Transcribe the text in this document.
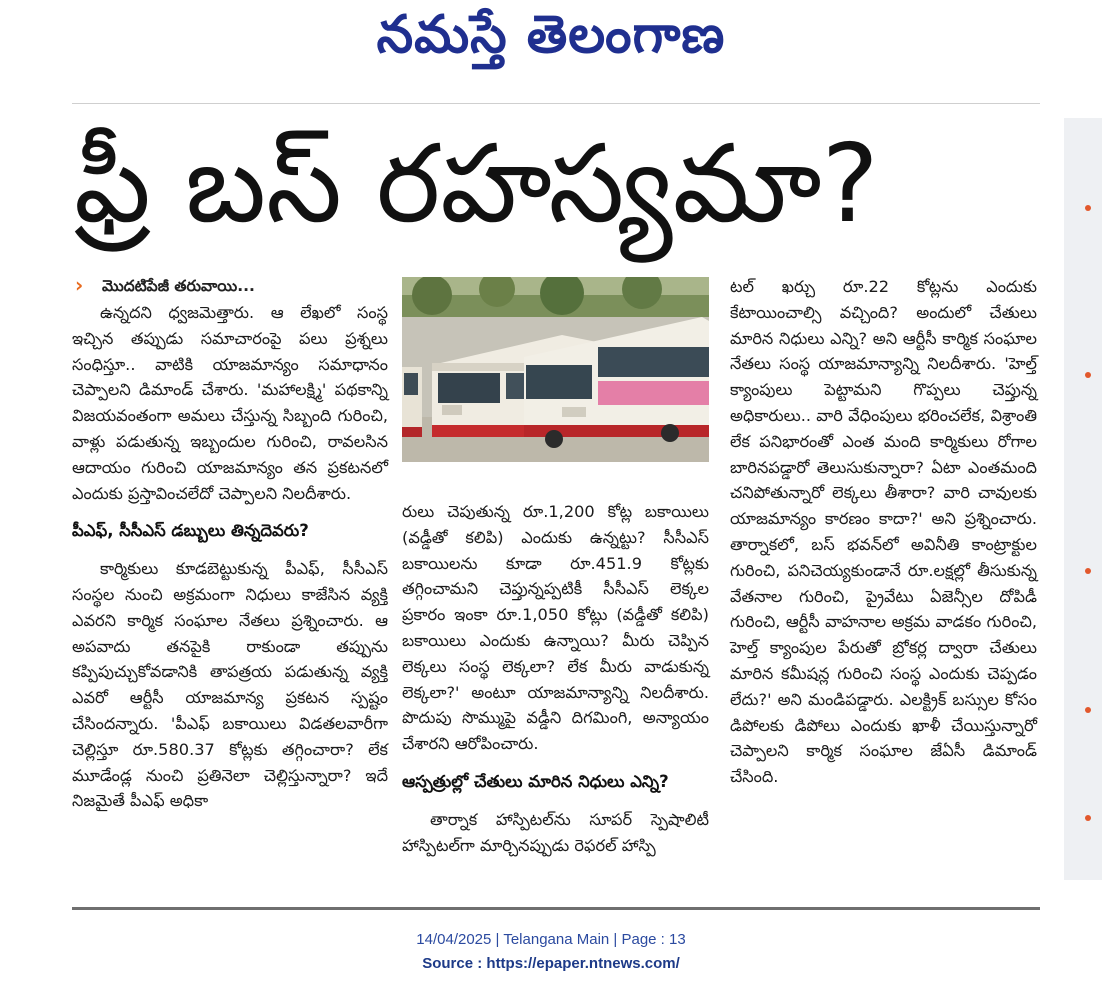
నమస్తే తెలంగాణ
ఫ్రీ బస్ రహస్యమా?
› మొదటిపేజీ తరువాయి...

ఉన్నదని ధ్వజమెత్తారు. ఆ లేఖలో సంస్థ ఇచ్చిన తప్పుడు సమాచారంపై పలు ప్రశ్నలు సంధిస్తూ.. వాటికి యాజమాన్యం సమాధానం చెప్పాలని డిమాండ్ చేశారు. 'మహాలక్ష్మి' పథకాన్ని విజయవంతంగా అమలు చేస్తున్న సిబ్బంది గురించి, వాళ్లు పడుతున్న ఇబ్బందుల గురించి, రావలసిన ఆదాయం గురించి యాజమాన్యం తన ప్రకటనలో ఎందుకు ప్రస్తావించలేదో చెప్పాలని నిలదీశారు.

పీఎఫ్, సీసీఎస్ డబ్బులు తిన్నదెవరు?

కార్మికులు కూడబెట్టుకున్న పీఎఫ్, సీసీఎస్ సంస్థల నుంచి అక్రమంగా నిధులు కాజేసిన వ్యక్తి ఎవరని కార్మిక సంఘాల నేతలు ప్రశ్నించారు. ఆ అపవాదు తనపైకి రాకుండా తప్పును కప్పిపుచ్చుకోవడానికి తాపత్రయ పడుతున్న వ్యక్తి ఎవరో ఆర్టీసీ యాజమాన్య ప్రకటన స్పష్టం చేసిందన్నారు. 'పీఎఫ్ బకాయిలు విడతలవారీగా చెల్లిస్తూ రూ.580.37 కోట్లకు తగ్గించారా? లేక మూడేండ్ల నుంచి ప్రతినెలా చెల్లిస్తున్నారా? ఇదే నిజమైతే పీఎఫ్ అధికా

రులు చెపుతున్న రూ.1,200 కోట్ల బకాయిలు (వడ్డీతో కలిపి) ఎందుకు ఉన్నట్టు? సీసీఎస్ బకాయిలను కూడా రూ.451.9 కోట్లకు తగ్గించామని చెప్తున్నప్పటికీ సీసీఎస్ లెక్కల ప్రకారం ఇంకా రూ.1,050 కోట్లు (వడ్డీతో కలిపి) బకాయిలు ఎందుకు ఉన్నాయి? మీరు చెప్పిన లెక్కలు సంస్థ లెక్కలా? లేక మీరు వాడుకున్న లెక్కలా?' అంటూ యాజమాన్యాన్ని నిలదీశారు. పొదుపు సొమ్ముపై వడ్డీని దిగమింగి, అన్యాయం చేశారని ఆరోపించారు.

ఆస్పత్రుల్లో చేతులు మారిన నిధులు ఎన్ని?

తార్నాక హాస్పిటల్‌ను సూపర్ స్పెషాలిటీ హాస్పిటల్‌గా మార్చినప్పుడు రెఫరల్ హాస్పి

టల్ ఖర్చు రూ.22 కోట్లను ఎందుకు కేటాయించాల్సి వచ్చింది? అందులో చేతులు మారిన నిధులు ఎన్ని? అని ఆర్టీసీ కార్మిక సంఘాల నేతలు సంస్థ యాజమాన్యాన్ని నిలదీశారు. 'హెల్త్ క్యాంపులు పెట్టామని గొప్పలు చెప్తున్న అధికారులు.. వారి వేధింపులు భరించలేక, విశ్రాంతి లేక పనిభారంతో ఎంత మంది కార్మికులు రోగాల బారినపడ్డారో తెలుసుకున్నారా? ఏటా ఎంతమంది చనిపోతున్నారో లెక్కలు తీశారా? వారి చావులకు యాజమాన్యం కారణం కాదా?' అని ప్రశ్నించారు. తార్నాకలో, బస్ భవన్‌లో అవినీతి కాంట్రాక్టుల గురించి, పనిచెయ్యకుండానే రూ.లక్షల్లో తీసుకున్న వేతనాల గురించి, ప్రైవేటు ఏజెన్సీల దోపిడీ గురించి, ఆర్టీసీ వాహనాల అక్రమ వాడకం గురించి, హెల్త్ క్యాంపుల పేరుతో బ్రోకర్ల ద్వారా చేతులు మారిన కమీషన్ల గురించి సంస్థ ఎందుకు చెప్పడం లేదు?' అని మండిపడ్డారు. ఎలక్ట్రిక్ బస్సుల కోసం డిపోలకు డిపోలు ఎందుకు ఖాళీ చేయిస్తున్నారో చెప్పాలని కార్మిక సంఘాల జేఏసీ డిమాండ్ చేసింది.

14/04/2025 | Telangana Main | Page : 13
Source : https://epaper.ntnews.com/
